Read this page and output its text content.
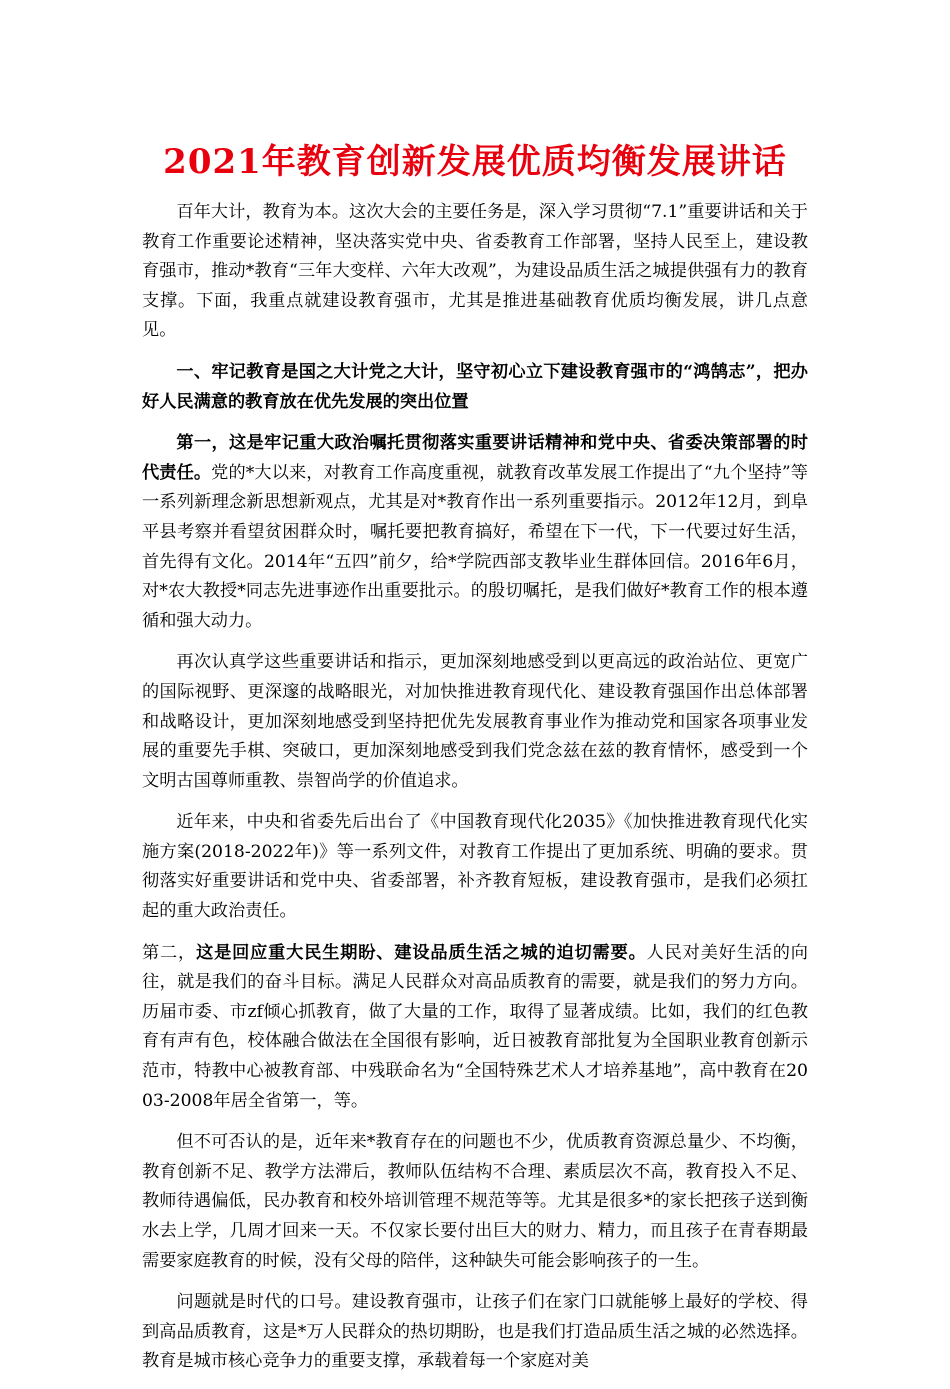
2021年教育创新发展优质均衡发展讲话

百年大计，教育为本。这次大会的主要任务是，深入学习贯彻“7.1”重要讲话和关于教育工作重要论述精神，坚决落实党中央、省委教育工作部署，坚持人民至上，建设教育强市，推动*教育“三年大变样、六年大改观”，为建设品质生活之城提供强有力的教育支撑。下面，我重点就建设教育强市，尤其是推进基础教育优质均衡发展，讲几点意见。

一、牢记教育是国之大计党之大计，坚守初心立下建设教育强市的“鸿鹄志”，把办好人民满意的教育放在优先发展的突出位置

第一，这是牢记重大政治嘱托贯彻落实重要讲话精神和党中央、省委决策部署的时代责任。党的*大以来，对教育工作高度重视，就教育改革发展工作提出了“九个坚持”等一系列新理念新思想新观点，尤其是对*教育作出一系列重要指示。2012年12月，到阜平县考察并看望贫困群众时，嘱托要把教育搞好，希望在下一代，下一代要过好生活，首先得有文化。2014年“五四”前夕，给*学院西部支教毕业生群体回信。2016年6月，对*农大教授*同志先进事迹作出重要批示。的殷切嘱托，是我们做好*教育工作的根本遵循和强大动力。

再次认真学这些重要讲话和指示，更加深刻地感受到以更高远的政治站位、更宽广的国际视野、更深邃的战略眼光，对加快推进教育现代化、建设教育强国作出总体部署和战略设计，更加深刻地感受到坚持把优先发展教育事业作为推动党和国家各项事业发展的重要先手棋、突破口，更加深刻地感受到我们党念兹在兹的教育情怀，感受到一个文明古国尊师重教、崇智尚学的价值追求。

近年来，中央和省委先后出台了《中国教育现代化2035》《加快推进教育现代化实施方案(2018-2022年)》等一系列文件，对教育工作提出了更加系统、明确的要求。贯彻落实好重要讲话和党中央、省委部署，补齐教育短板，建设教育强市，是我们必须扛起的重大政治责任。

第二，这是回应重大民生期盼、建设品质生活之城的迫切需要。人民对美好生活的向往，就是我们的奋斗目标。满足人民群众对高品质教育的需要，就是我们的努力方向。历届市委、市zf倾心抓教育，做了大量的工作，取得了显著成绩。比如，我们的红色教育有声有色，校体融合做法在全国很有影响，近日被教育部批复为全国职业教育创新示范市，特教中心被教育部、中残联命名为“全国特殊艺术人才培养基地”，高中教育在2003-2008年居全省第一，等。

但不可否认的是，近年来*教育存在的问题也不少，优质教育资源总量少、不均衡，教育创新不足、教学方法滞后，教师队伍结构不合理、素质层次不高，教育投入不足、教师待遇偏低，民办教育和校外培训管理不规范等等。尤其是很多*的家长把孩子送到衡水去上学，几周才回来一天。不仅家长要付出巨大的财力、精力，而且孩子在青春期最需要家庭教育的时候，没有父母的陪伴，这种缺失可能会影响孩子的一生。

问题就是时代的口号。建设教育强市，让孩子们在家门口就能够上最好的学校、得到高品质教育，这是*万人民群众的热切期盼，也是我们打造品质生活之城的必然选择。教育是城市核心竞争力的重要支撑，承载着每一个家庭对美
